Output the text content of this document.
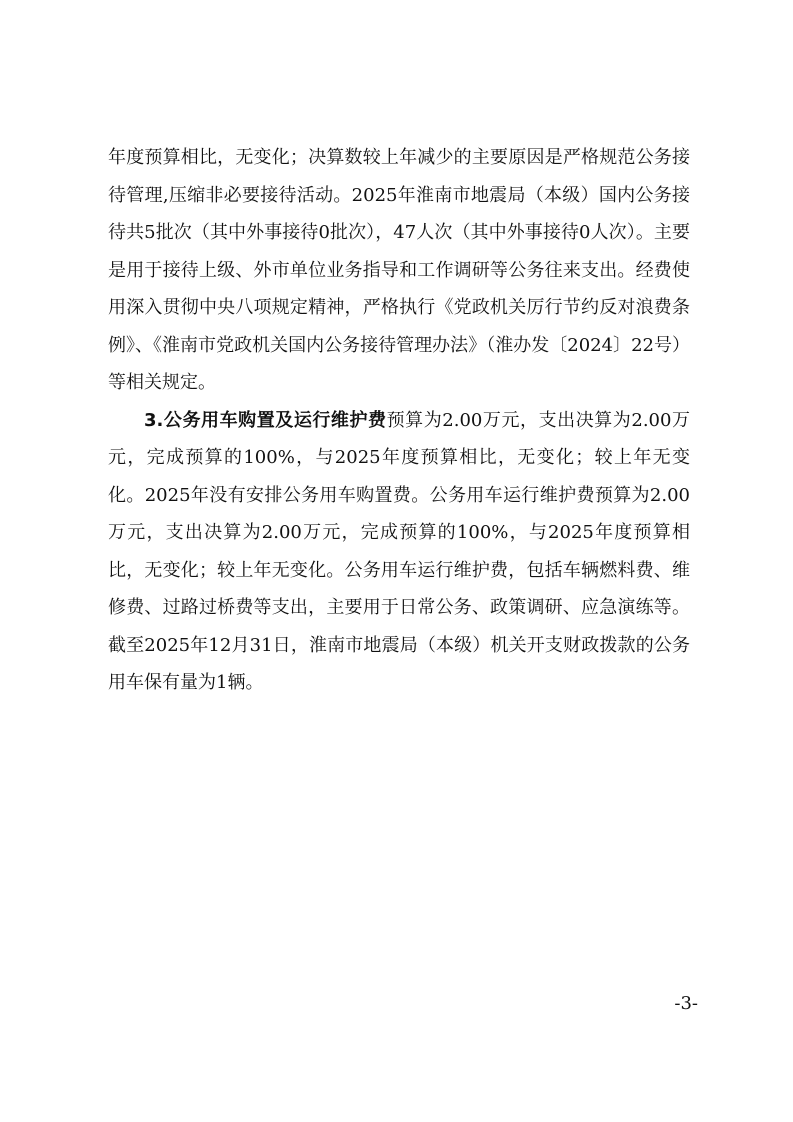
年度预算相比，无变化；决算数较上年减少的主要原因是严格规范公务接待管理,压缩非必要接待活动。2025年淮南市地震局（本级）国内公务接待共5批次（其中外事接待0批次），47人次（其中外事接待0人次）。主要是用于接待上级、外市单位业务指导和工作调研等公务往来支出。经费使用深入贯彻中央八项规定精神，严格执行《党政机关厉行节约反对浪费条例》、《淮南市党政机关国内公务接待管理办法》（淮办发〔2024〕22号）等相关规定。

3.公务用车购置及运行维护费预算为2.00万元，支出决算为2.00万元，完成预算的100%，与2025年度预算相比，无变化；较上年无变化。2025年没有安排公务用车购置费。公务用车运行维护费预算为2.00万元，支出决算为2.00万元，完成预算的100%，与2025年度预算相比，无变化；较上年无变化。公务用车运行维护费，包括车辆燃料费、维修费、过路过桥费等支出，主要用于日常公务、政策调研、应急演练等。截至2025年12月31日，淮南市地震局（本级）机关开支财政拨款的公务用车保有量为1辆。

-3-
